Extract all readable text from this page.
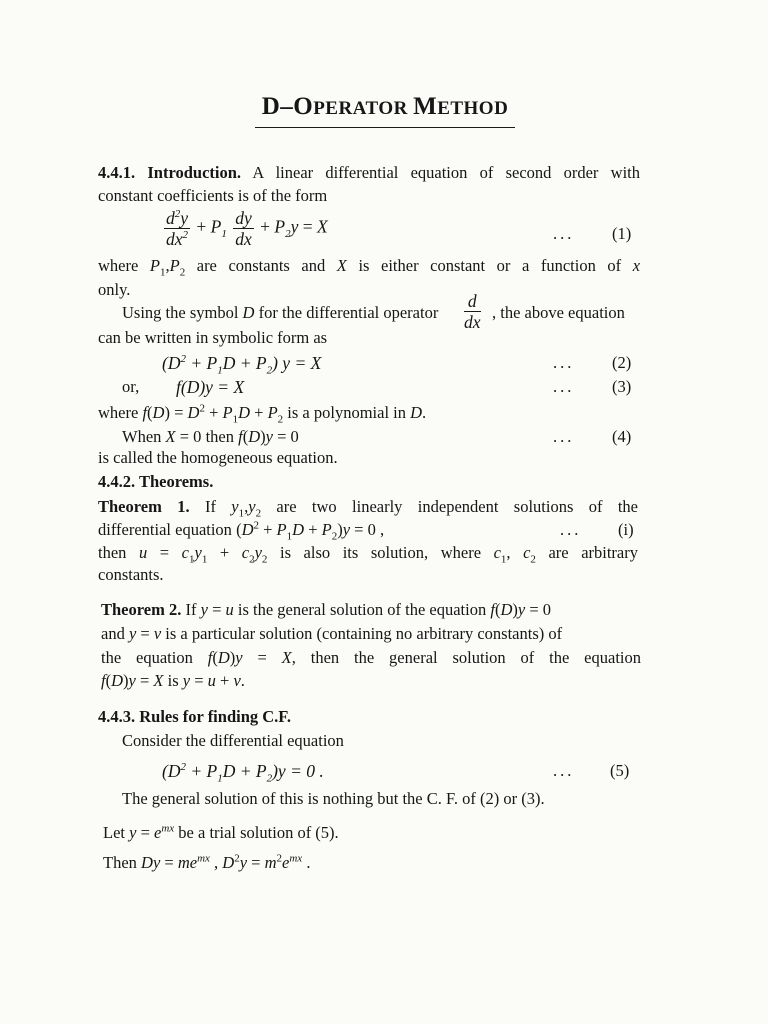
D–OPERATOR METHOD
4.4.1. Introduction. A linear differential equation of second order with
constant coefficients is of the form
$\frac{d^2y}{dx^2} + P_1 \frac{dy}{dx} + P_2y = X$	... (1)
where $P_1,P_2$ are constants and X is either constant or a function of x
only.
Using the symbol D for the differential operator $\frac{d}{dx}$ , the above equation
can be written in symbolic form as
$(D^2 + P_1D + P_2) y = X$	... (2)
or, f(D)y = X	... (3)
where $f(D) = D^2 + P_1D + P_2$ is a polynomial in D.
When X = 0 then f(D)y = 0	... (4)
is called the homogeneous equation.
4.4.2. Theorems.
Theorem 1. If $y_1,y_2$ are two linearly independent solutions of the
differential equation $(D^2 + P_1D + P_2)y = 0$ ,	... (i)
then $u = c_1y_1 + c_2y_2$ is also its solution, where $c_1$, $c_2$ are arbitrary
constants.
Theorem 2. If y = u is the general solution of the equation f(D)y = 0
and y = v is a particular solution (containing no arbitrary constants) of
the equation f(D)y = X, then the general solution of the equation
f(D)y = X is y = u + v.
4.4.3. Rules for finding C.F.
Consider the differential equation
$(D^2 + P_1D + P_2)y = 0$ .	... (5)
The general solution of this is nothing but the C. F. of (2) or (3).
Let $y = e^{mx}$ be a trial solution of (5).
Then $Dy = me^{mx}$ , $D^2y = m^2e^{mx}$ .
